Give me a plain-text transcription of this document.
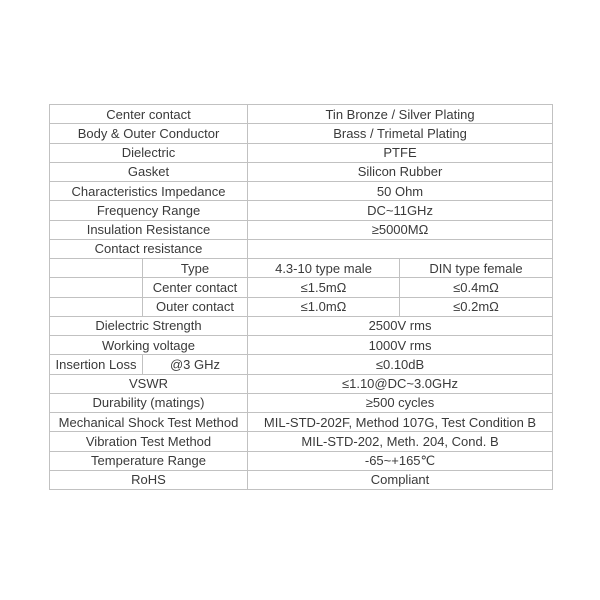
Center contact		Tin Bronze / Silver Plating	
Body & Outer Conductor		Brass / Trimetal Plating	
Dielectric		PTFE	
Gasket		Silicon Rubber	
Characteristics Impedance		50 Ohm	
Frequency Range		DC~11GHz	
Insulation Resistance		≥5000MΩ	
Contact resistance			
	Type	4.3-10 type male	DIN type female
	Center contact	≤1.5mΩ	≤0.4mΩ
	Outer contact	≤1.0mΩ	≤0.2mΩ
Dielectric Strength		2500V rms	
Working voltage		1000V rms	
Insertion Loss	@3 GHz	≤0.10dB	
VSWR		≤1.10@DC~3.0GHz	
Durability (matings)		≥500 cycles	
Mechanical Shock Test Method		MIL-STD-202F, Method 107G, Test Condition B	
Vibration Test Method		MIL-STD-202, Meth. 204, Cond. B	
Temperature Range		-65~+165℃	
RoHS		Compliant	
